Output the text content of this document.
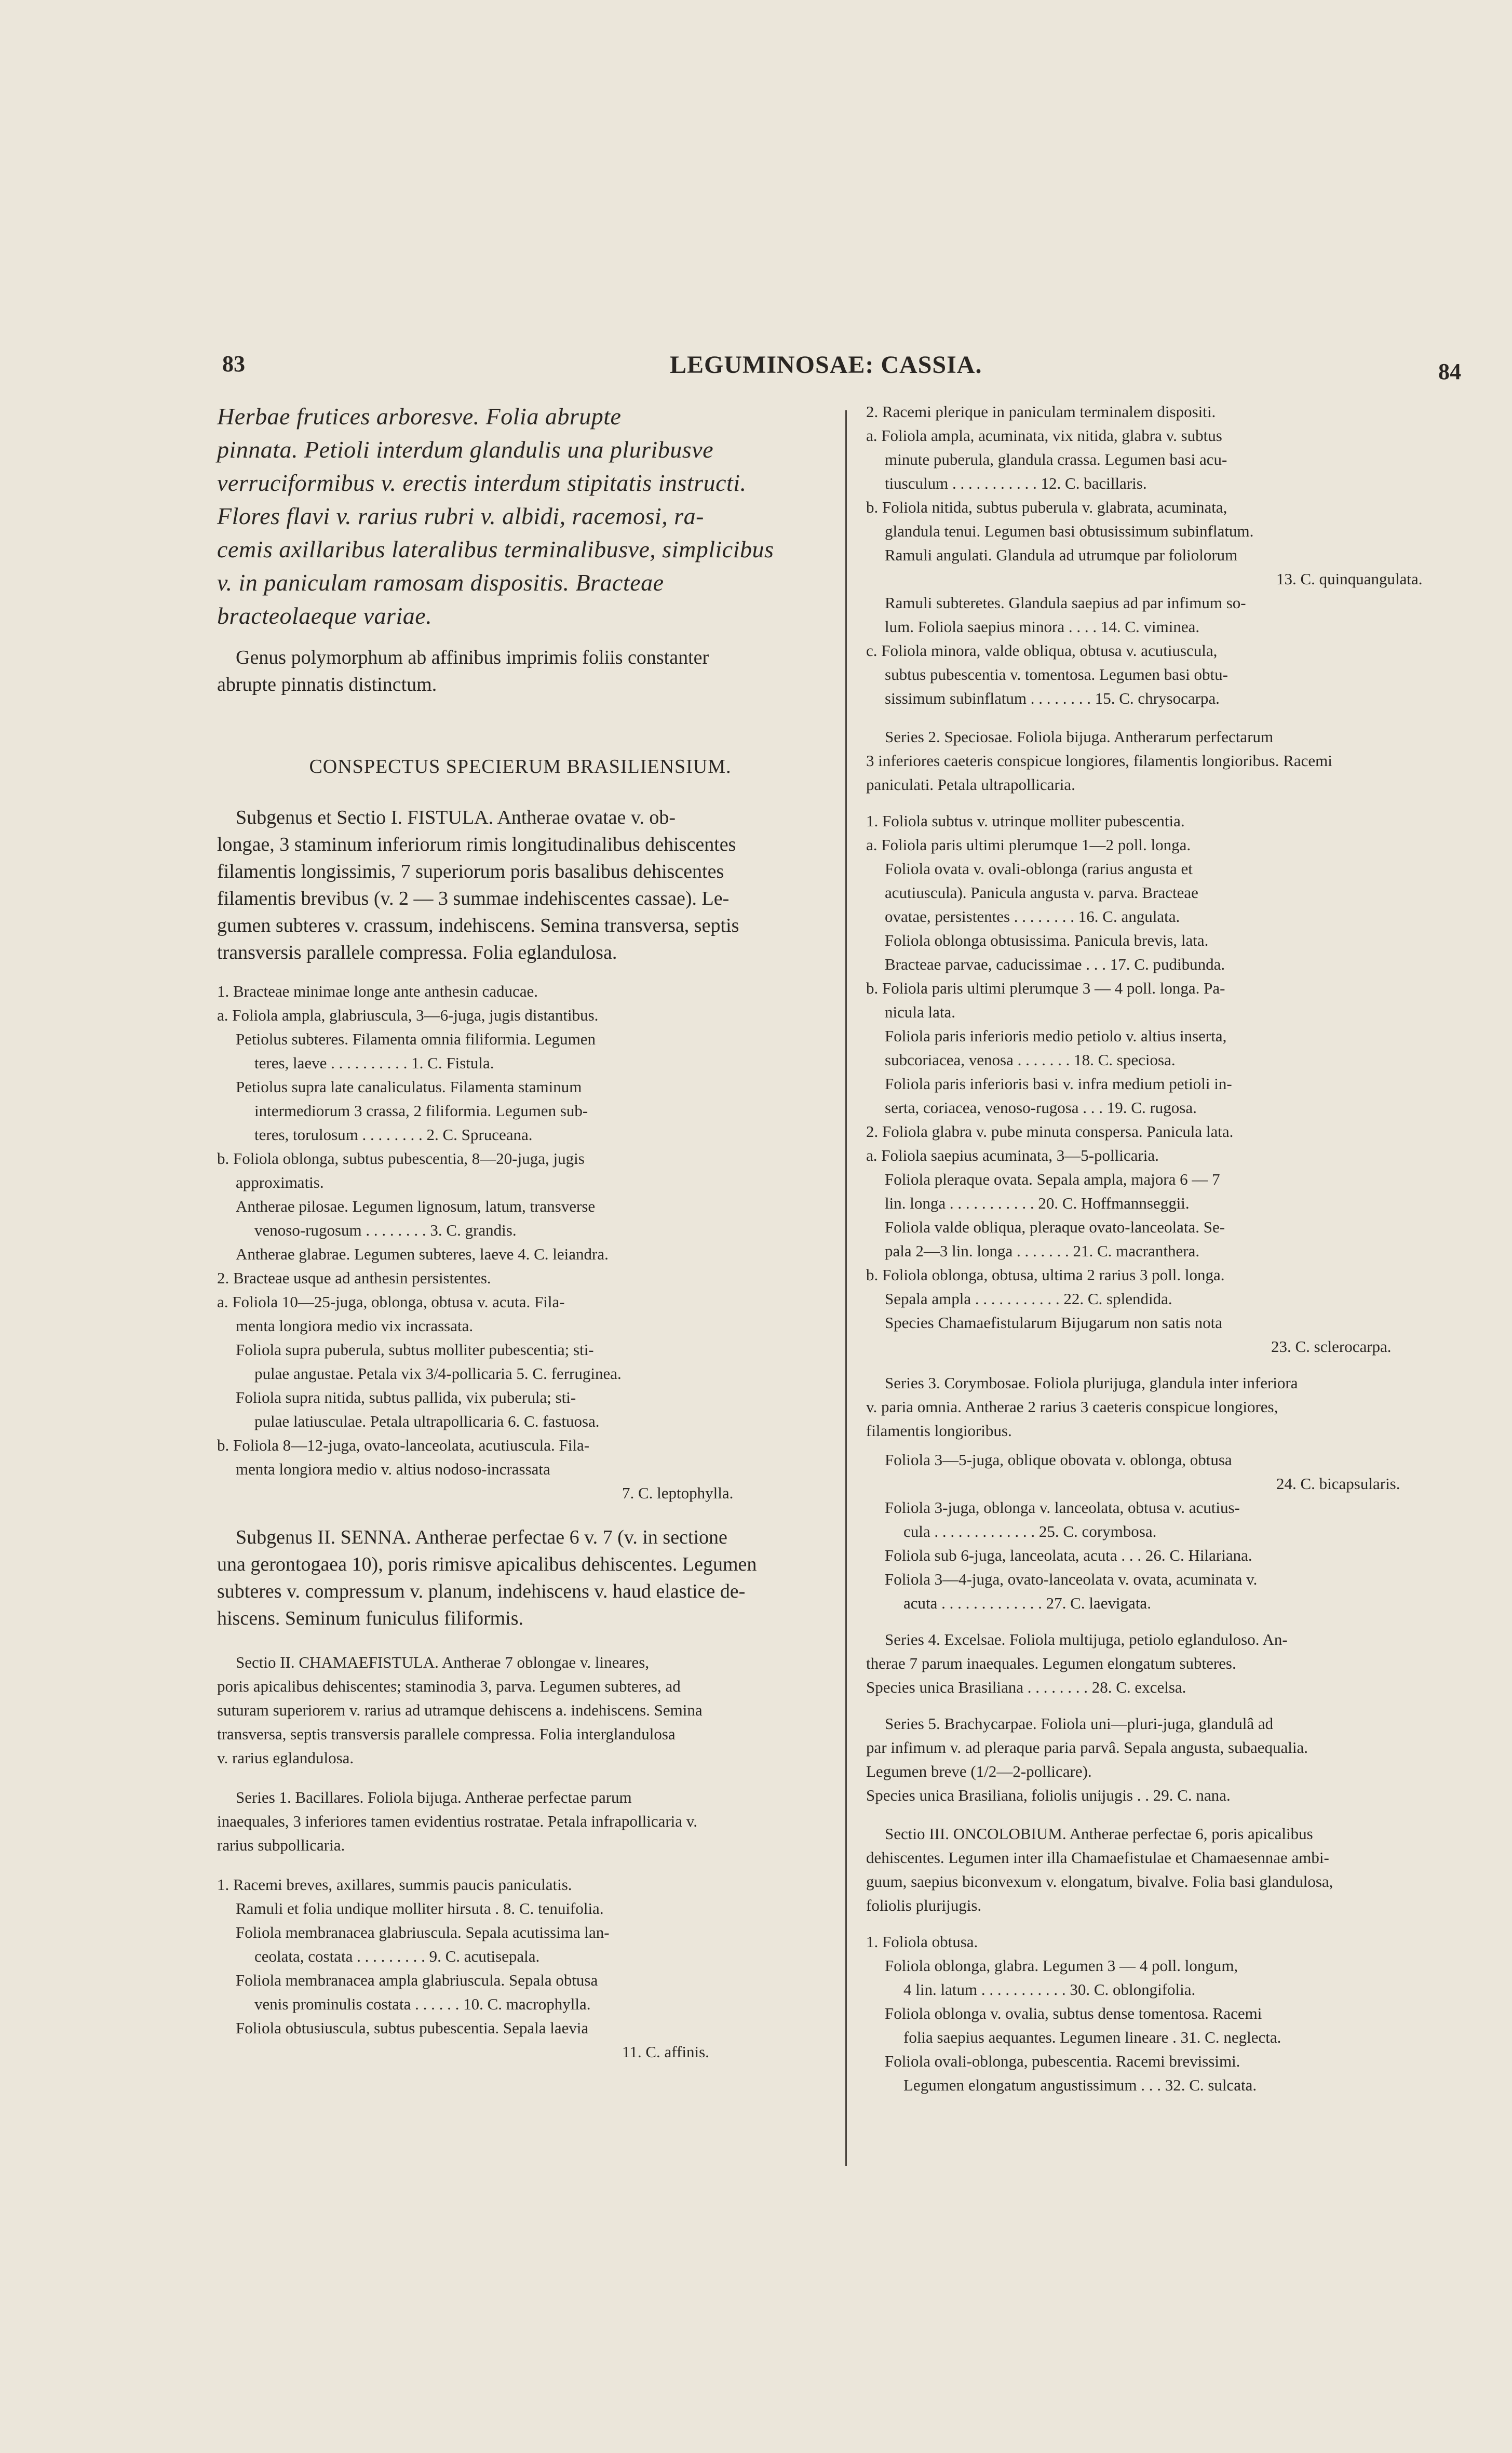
83	LEGUMINOSAE: CASSIA.	84

Herbae frutices arboresve. Folia abrupte

pinnata. Petioli interdum glandulis una pluribusve

verruciformibus v. erectis interdum stipitatis instructi.

Flores flavi v. rarius rubri v. albidi, racemosi, ra-

cemis axillaribus lateralibus terminalibusve, simplicibus

v. in paniculam ramosam dispositis. Bracteae

bracteolaeque variae.

Genus polymorphum ab affinibus imprimis foliis constanter

abrupte pinnatis distinctum.

CONSPECTUS SPECIERUM BRASILIENSIUM.

Subgenus et Sectio I. FISTULA. Antherae ovatae v. ob-

longae, 3 staminum inferiorum rimis longitudinalibus dehiscentes

filamentis longissimis, 7 superiorum poris basalibus dehiscentes

filamentis brevibus (v. 2 — 3 summae indehiscentes cassae). Le-

gumen subteres v. crassum, indehiscens. Semina transversa, septis

transversis parallele compressa. Folia eglandulosa.

1. Bracteae minimae longe ante anthesin caducae.

a. Foliola ampla, glabriuscula, 3—6-juga, jugis distantibus.

Petiolus subteres. Filamenta omnia filiformia. Legumen

teres, laeve . . . . . . . . . . 1. C. Fistula.

Petiolus supra late canaliculatus. Filamenta staminum

intermediorum 3 crassa, 2 filiformia. Legumen sub-

teres, torulosum . . . . . . . . 2. C. Spruceana.

b. Foliola oblonga, subtus pubescentia, 8—20-juga, jugis

approximatis.

Antherae pilosae. Legumen lignosum, latum, transverse

venoso-rugosum . . . . . . . . 3. C. grandis.

Antherae glabrae. Legumen subteres, laeve 4. C. leiandra.

2. Bracteae usque ad anthesin persistentes.

a. Foliola 10—25-juga, oblonga, obtusa v. acuta. Fila-

menta longiora medio vix incrassata.

Foliola supra puberula, subtus molliter pubescentia; sti-

pulae angustae. Petala vix 3/4-pollicaria 5. C. ferruginea.

Foliola supra nitida, subtus pallida, vix puberula; sti-

pulae latiusculae. Petala ultrapollicaria 6. C. fastuosa.

b. Foliola 8—12-juga, ovato-lanceolata, acutiuscula. Fila-

menta longiora medio v. altius nodoso-incrassata

7. C. leptophylla.

Subgenus II. SENNA. Antherae perfectae 6 v. 7 (v. in sectione

una gerontogaea 10), poris rimisve apicalibus dehiscentes. Legumen

subteres v. compressum v. planum, indehiscens v. haud elastice de-

hiscens. Seminum funiculus filiformis.

Sectio II. CHAMAEFISTULA. Antherae 7 oblongae v. lineares,

poris apicalibus dehiscentes; staminodia 3, parva. Legumen subteres, ad

suturam superiorem v. rarius ad utramque dehiscens a. indehiscens. Semina

transversa, septis transversis parallele compressa. Folia interglandulosa

v. rarius eglandulosa.

Series 1. Bacillares. Foliola bijuga. Antherae perfectae parum

inaequales, 3 inferiores tamen evidentius rostratae. Petala infrapollicaria v.

rarius subpollicaria.

1. Racemi breves, axillares, summis paucis paniculatis.

Ramuli et folia undique molliter hirsuta . 8. C. tenuifolia.

Foliola membranacea glabriuscula. Sepala acutissima lan-

ceolata, costata . . . . . . . . . 9. C. acutisepala.

Foliola membranacea ampla glabriuscula. Sepala obtusa

venis prominulis costata . . . . . . 10. C. macrophylla.

Foliola obtusiuscula, subtus pubescentia. Sepala laevia

11. C. affinis.

2. Racemi plerique in paniculam terminalem dispositi.

a. Foliola ampla, acuminata, vix nitida, glabra v. subtus

minute puberula, glandula crassa. Legumen basi acu-

tiusculum . . . . . . . . . . . 12. C. bacillaris.

b. Foliola nitida, subtus puberula v. glabrata, acuminata,

glandula tenui. Legumen basi obtusissimum subinflatum.

Ramuli angulati. Glandula ad utrumque par foliolorum

13. C. quinquangulata.

Ramuli subteretes. Glandula saepius ad par infimum so-

lum. Foliola saepius minora . . . . 14. C. viminea.

c. Foliola minora, valde obliqua, obtusa v. acutiuscula,

subtus pubescentia v. tomentosa. Legumen basi obtu-

sissimum subinflatum . . . . . . . . 15. C. chrysocarpa.

Series 2. Speciosae. Foliola bijuga. Antherarum perfectarum

3 inferiores caeteris conspicue longiores, filamentis longioribus. Racemi

paniculati. Petala ultrapollicaria.

1. Foliola subtus v. utrinque molliter pubescentia.

a. Foliola paris ultimi plerumque 1—2 poll. longa.

Foliola ovata v. ovali-oblonga (rarius angusta et

acutiuscula). Panicula angusta v. parva. Bracteae

ovatae, persistentes . . . . . . . . 16. C. angulata.

Foliola oblonga obtusissima. Panicula brevis, lata.

Bracteae parvae, caducissimae . . . 17. C. pudibunda.

b. Foliola paris ultimi plerumque 3 — 4 poll. longa. Pa-

nicula lata.

Foliola paris inferioris medio petiolo v. altius inserta,

subcoriacea, venosa . . . . . . . 18. C. speciosa.

Foliola paris inferioris basi v. infra medium petioli in-

serta, coriacea, venoso-rugosa . . . 19. C. rugosa.

2. Foliola glabra v. pube minuta conspersa. Panicula lata.

a. Foliola saepius acuminata, 3—5-pollicaria.

Foliola pleraque ovata. Sepala ampla, majora 6 — 7

lin. longa . . . . . . . . . . . 20. C. Hoffmannseggii.

Foliola valde obliqua, pleraque ovato-lanceolata. Se-

pala 2—3 lin. longa . . . . . . . 21. C. macranthera.

b. Foliola oblonga, obtusa, ultima 2 rarius 3 poll. longa.

Sepala ampla . . . . . . . . . . . 22. C. splendida.

Species Chamaefistularum Bijugarum non satis nota

23. C. sclerocarpa.

Series 3. Corymbosae. Foliola plurijuga, glandula inter inferiora

v. paria omnia. Antherae 2 rarius 3 caeteris conspicue longiores,

filamentis longioribus.

Foliola 3—5-juga, oblique obovata v. oblonga, obtusa

24. C. bicapsularis.

Foliola 3-juga, oblonga v. lanceolata, obtusa v. acutius-

cula . . . . . . . . . . . . . 25. C. corymbosa.

Foliola sub 6-juga, lanceolata, acuta . . . 26. C. Hilariana.

Foliola 3—4-juga, ovato-lanceolata v. ovata, acuminata v.

acuta . . . . . . . . . . . . . 27. C. laevigata.

Series 4. Excelsae. Foliola multijuga, petiolo eglanduloso. An-

therae 7 parum inaequales. Legumen elongatum subteres.

Species unica Brasiliana . . . . . . . . 28. C. excelsa.

Series 5. Brachycarpae. Foliola uni—pluri-juga, glandulâ ad

par infimum v. ad pleraque paria parvâ. Sepala angusta, subaequalia.

Legumen breve (1/2—2-pollicare).

Species unica Brasiliana, foliolis unijugis . . 29. C. nana.

Sectio III. ONCOLOBIUM. Antherae perfectae 6, poris apicalibus

dehiscentes. Legumen inter illa Chamaefistulae et Chamaesennae ambi-

guum, saepius biconvexum v. elongatum, bivalve. Folia basi glandulosa,

foliolis plurijugis.

1. Foliola obtusa.

Foliola oblonga, glabra. Legumen 3 — 4 poll. longum,

4 lin. latum . . . . . . . . . . . 30. C. oblongifolia.

Foliola oblonga v. ovalia, subtus dense tomentosa. Racemi

folia saepius aequantes. Legumen lineare . 31. C. neglecta.

Foliola ovali-oblonga, pubescentia. Racemi brevissimi.

Legumen elongatum angustissimum . . . 32. C. sulcata.
